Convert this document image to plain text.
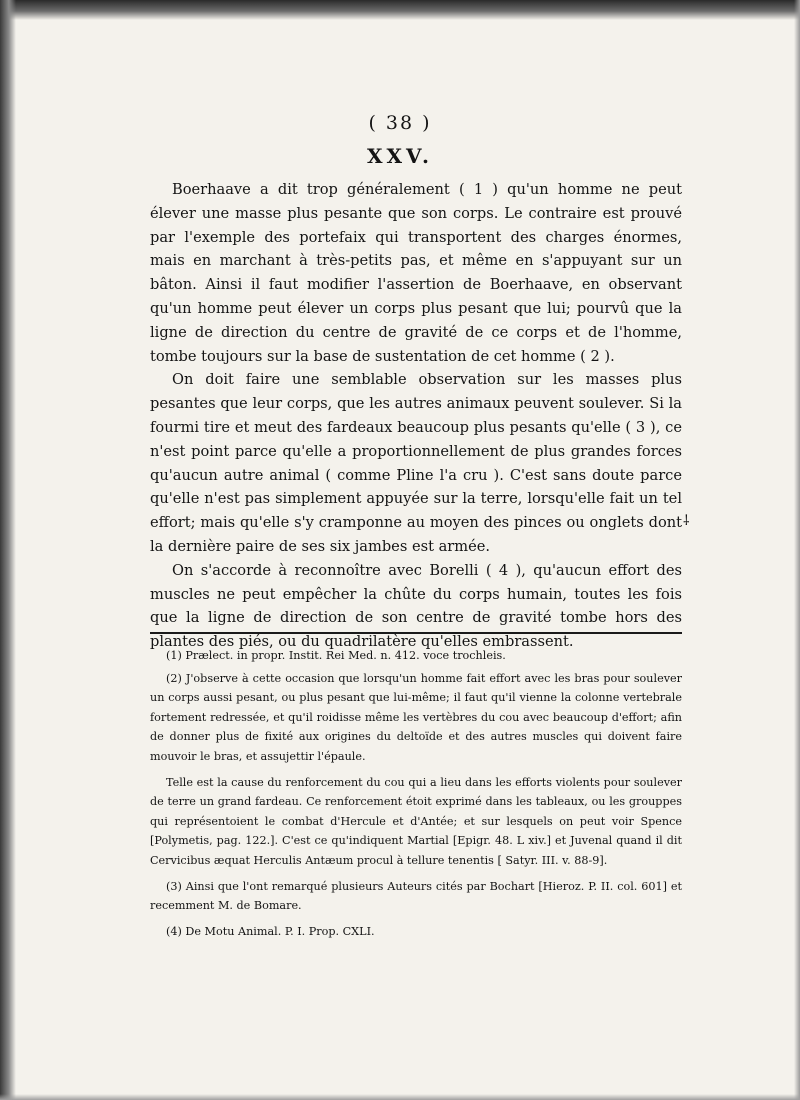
( 38 )
XXV.

Boerhaave a dit trop généralement ( 1 ) qu'un homme ne peut élever une masse plus pesante que son corps. Le contraire est prouvé par l'exemple des portefaix qui transportent des charges énormes, mais en marchant à très-petits pas, et même en s'appuyant sur un bâton. Ainsi il faut modifier l'assertion de Boerhaave, en observant qu'un homme peut élever un corps plus pesant que lui; pourvû que la ligne de direction du centre de gravité de ce corps et de l'homme, tombe toujours sur la base de sustentation de cet homme ( 2 ).

On doit faire une semblable observation sur les masses plus pesantes que leur corps, que les autres animaux peuvent soulever. Si la fourmi tire et meut des fardeaux beaucoup plus pesants qu'elle ( 3 ), ce n'est point parce qu'elle a proportionnellement de plus grandes forces qu'aucun autre animal ( comme Pline l'a cru ). C'est sans doute parce qu'elle n'est pas simplement appuyée sur la terre, lorsqu'elle fait un tel effort; mais qu'elle s'y cramponne au moyen des pinces ou onglets dont la dernière paire de ses six jambes est armée.

On s'accorde à reconnoître avec Borelli ( 4 ), qu'aucun effort des muscles ne peut empêcher la chûte du corps humain, toutes les fois que la ligne de direction de son centre de gravité tombe hors des plantes des piés, ou du quadrilatère qu'elles embrassent.

⸸

(1) Prælect. in propr. Instit. Rei Med. n. 412. voce trochleis.

(2) J'observe à cette occasion que lorsqu'un homme fait effort avec les bras pour soulever un corps aussi pesant, ou plus pesant que lui-même; il faut qu'il vienne la colonne vertebrale fortement redressée, et qu'il roidisse même les vertèbres du cou avec beaucoup d'effort; afin de donner plus de fixité aux origines du deltoïde et des autres muscles qui doivent faire mouvoir le bras, et assujettir l'épaule.

Telle est la cause du renforcement du cou qui a lieu dans les efforts violents pour soulever de terre un grand fardeau. Ce renforcement étoit exprimé dans les tableaux, ou les grouppes qui représentoient le combat d'Hercule et d'Antée; et sur lesquels on peut voir Spence [Polymetis, pag. 122.]. C'est ce qu'indiquent Martial [Epigr. 48. L xiv.] et Juvenal quand il dit Cervicibus æquat Herculis Antæum procul à tellure tenentis [ Satyr. III. v. 88-9].

(3) Ainsi que l'ont remarqué plusieurs Auteurs cités par Bochart [Hieroz. P. II. col. 601] et recemment M. de Bomare.

(4) De Motu Animal. P. I. Prop. CXLI.
